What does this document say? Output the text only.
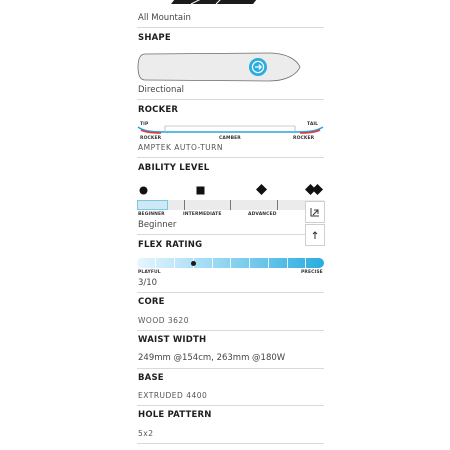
All Mountain
SHAPE
Directional
ROCKER
TIP	TAIL
ROCKER	CAMBER	ROCKER
AMPTEK AUTO-TURN
ABILITY LEVEL
BEGINNER	INTERMEDIATE	ADVANCED
Beginner
FLEX RATING
PLAYFUL	PRECISE
3/10
CORE
WOOD 3620
WAIST WIDTH
249mm @154cm, 263mm @180W
BASE
EXTRUDED 4400
HOLE PATTERN
5x2
